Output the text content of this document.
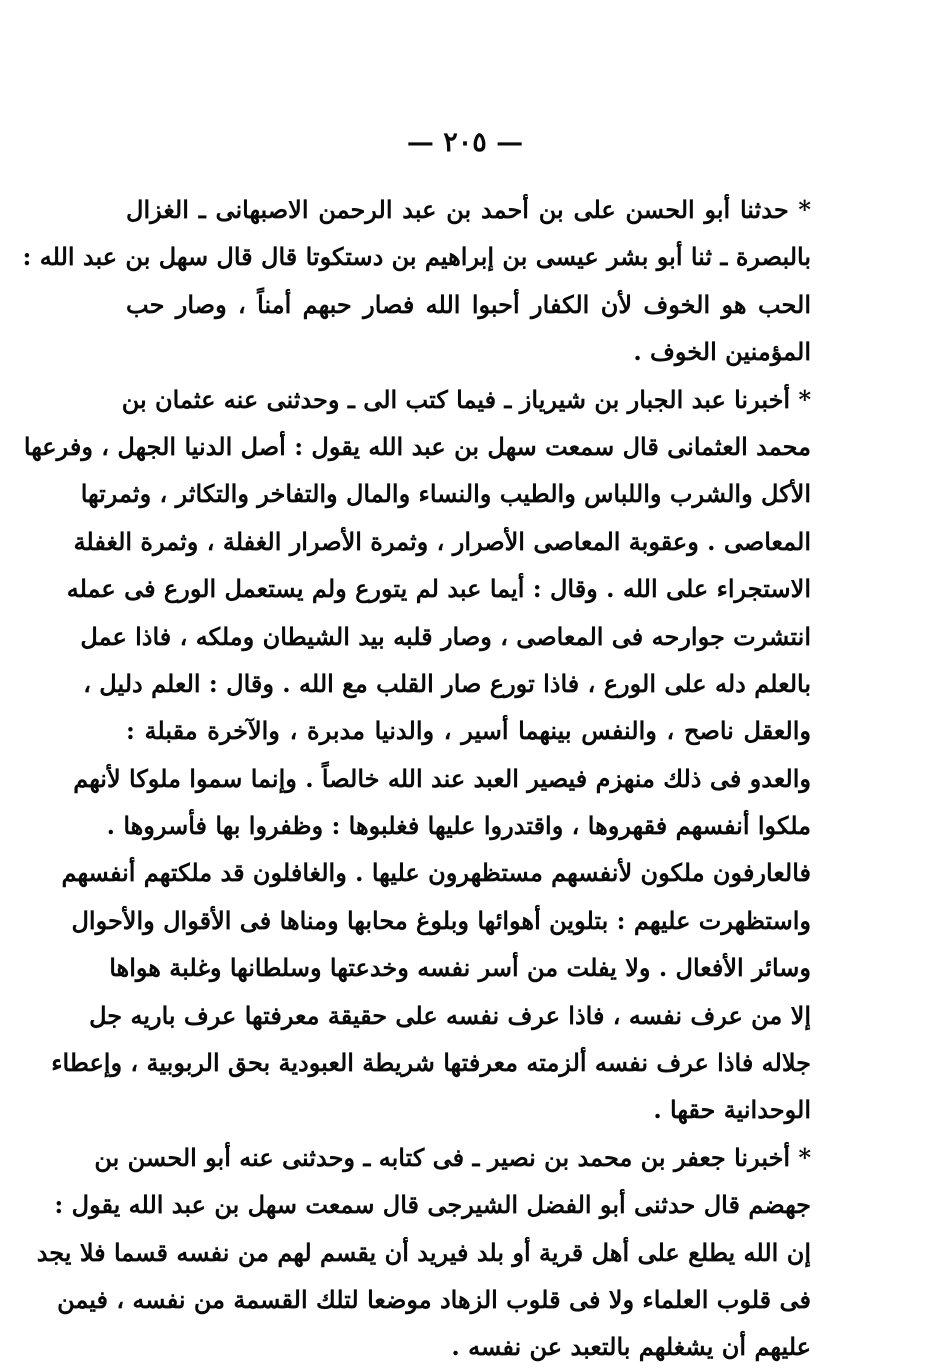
— ٢٠٥ —
* حدثنا أبو الحسن على بن أحمد بن عبد الرحمن الاصبهانى ـ الغزال
بالبصرة ـ ثنا أبو بشر عيسى بن إبراهيم بن دستكوتا قال قال سهل بن عبد الله :
الحب هو الخوف لأن الكفار أحبوا الله فصار حبهم أمناً ، وصار حب
المؤمنين الخوف .
* أخبرنا عبد الجبار بن شيرياز ـ فيما كتب الى ـ وحدثنى عنه عثمان بن
محمد العثمانى قال سمعت سهل بن عبد الله يقول : أصل الدنيا الجهل ، وفرعها
الأكل والشرب واللباس والطيب والنساء والمال والتفاخر والتكاثر ، وثمرتها
المعاصى . وعقوبة المعاصى الأصرار ، وثمرة الأصرار الغفلة ، وثمرة الغفلة
الاستجراء على الله . وقال : أيما عبد لم يتورع ولم يستعمل الورع فى عمله
انتشرت جوارحه فى المعاصى ، وصار قلبه بيد الشيطان وملكه ، فاذا عمل
بالعلم دله على الورع ، فاذا تورع صار القلب مع الله . وقال : العلم دليل ،
والعقل ناصح ، والنفس بينهما أسير ، والدنيا مدبرة ، والآخرة مقبلة :
والعدو فى ذلك منهزم فيصير العبد عند الله خالصاً . وإنما سموا ملوكا لأنهم
ملكوا أنفسهم فقهروها ، واقتدروا عليها فغلبوها : وظفروا بها فأسروها .
فالعارفون ملكون لأنفسهم مستظهرون عليها . والغافلون قد ملكتهم أنفسهم
واستظهرت عليهم : بتلوين أهوائها وبلوغ محابها ومناها فى الأقوال والأحوال
وسائر الأفعال . ولا يفلت من أسر نفسه وخدعتها وسلطانها وغلبة هواها
إلا من عرف نفسه ، فاذا عرف نفسه على حقيقة معرفتها عرف باريه جل
جلاله فاذا عرف نفسه ألزمته معرفتها شريطة العبودية بحق الربوبية ، وإعطاء
الوحدانية حقها .
* أخبرنا جعفر بن محمد بن نصير ـ فى كتابه ـ وحدثنى عنه أبو الحسن بن
جهضم قال حدثنى أبو الفضل الشيرجى قال سمعت سهل بن عبد الله يقول :
إن الله يطلع على أهل قرية أو بلد فيريد أن يقسم لهم من نفسه قسما فلا يجد
فى قلوب العلماء ولا فى قلوب الزهاد موضعا لتلك القسمة من نفسه ، فيمن
عليهم أن يشغلهم بالتعبد عن نفسه .
